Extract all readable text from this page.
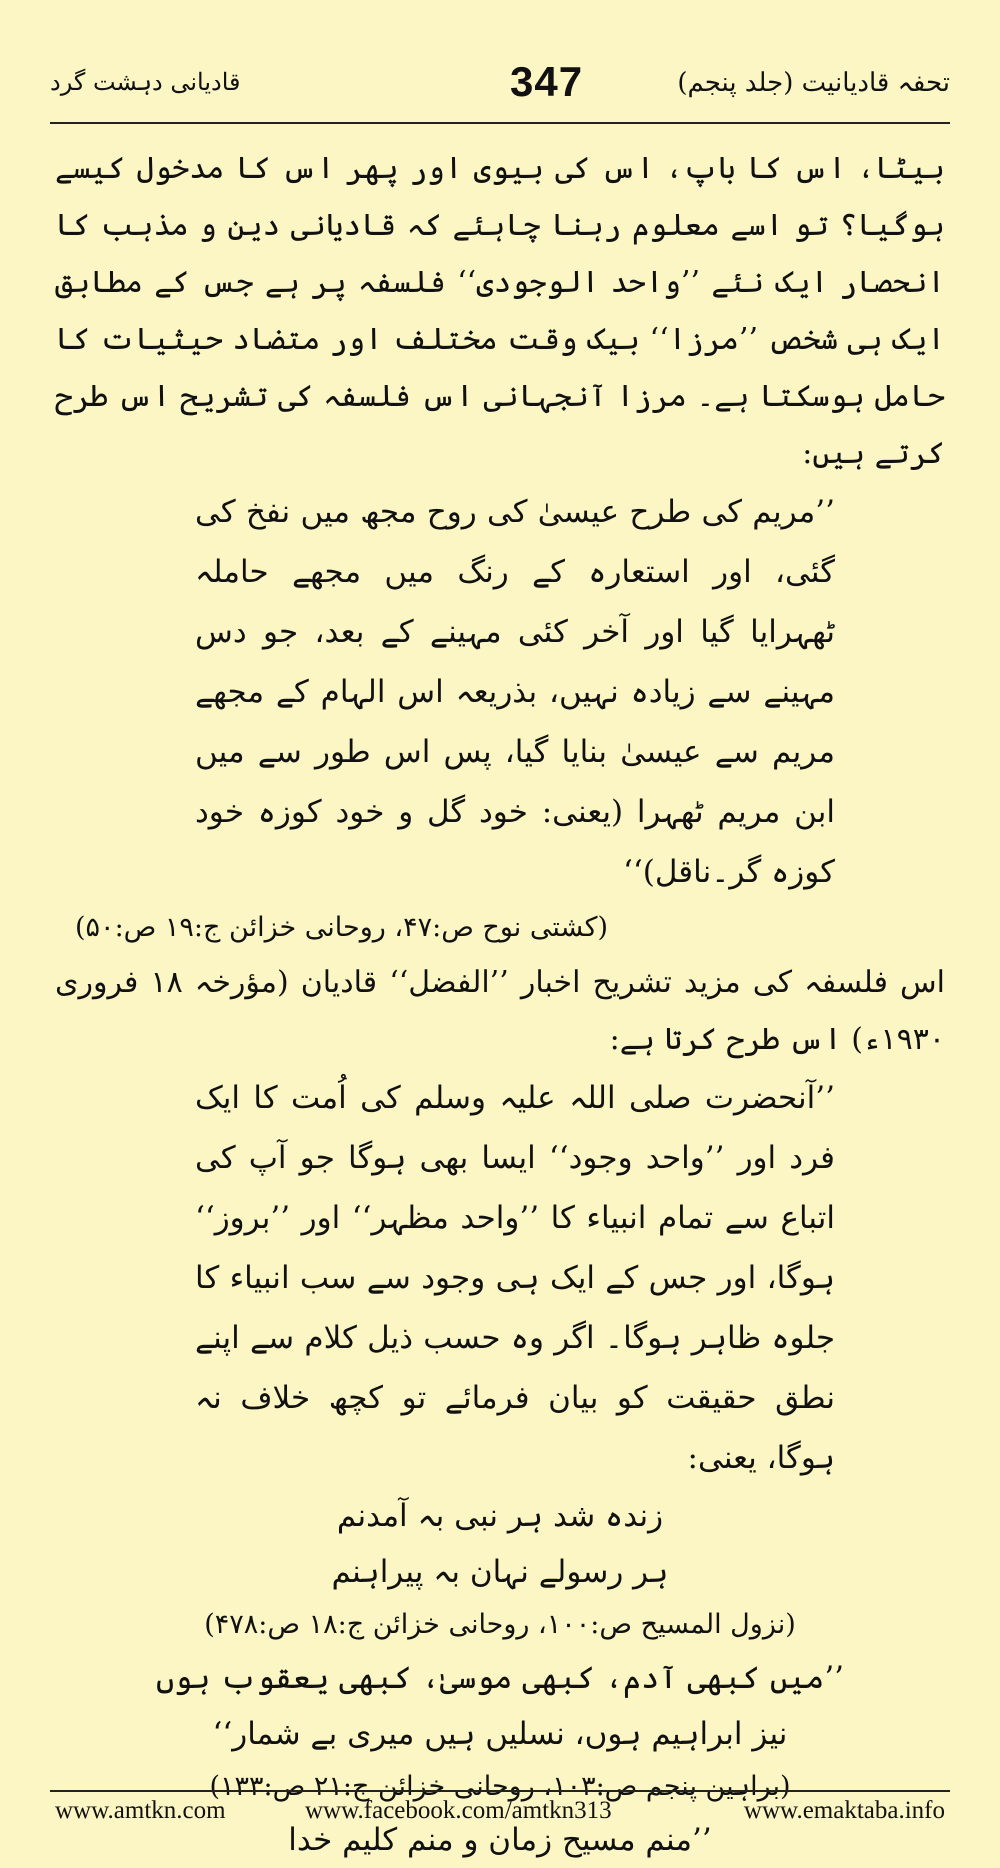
تحفہ قادیانیت (جلد پنجم)
347
قادیانی دہشت گرد

بیٹا، اس کا باپ، اس کی بیوی اور پھر اس کا مدخول کیسے ہوگیا؟ تو اسے معلوم رہنا چاہئے کہ قادیانی دین و مذہب کا انحصار ایک نئے ’’واحد الوجودی‘‘ فلسفہ پر ہے جس کے مطابق ایک ہی شخص ’’مرزا‘‘ بیک وقت مختلف اور متضاد حیثیات کا حامل ہوسکتا ہے۔ مرزا آنجہانی اس فلسفہ کی تشریح اس طرح کرتے ہیں:

’’مریم کی طرح عیسیٰ کی روح مجھ میں نفخ کی گئی، اور استعارہ کے رنگ میں مجھے حاملہ ٹھہرایا گیا اور آخر کئی مہینے کے بعد، جو دس مہینے سے زیادہ نہیں، بذریعہ اس الہام کے مجھے مریم سے عیسیٰ بنایا گیا، پس اس طور سے میں ابن مریم ٹھہرا (یعنی: خود گل و خود کوزہ خود کوزہ گر۔ناقل)‘‘

(کشتی نوح ص:۴۷، روحانی خزائن ج:۱۹ ص:۵۰)

اس فلسفہ کی مزید تشریح اخبار ’’الفضل‘‘ قادیان (مؤرخہ ۱۸ فروری ۱۹۳۰ء) اس طرح کرتا ہے:

’’آنحضرت صلی اللہ علیہ وسلم کی اُمت کا ایک فرد اور ’’واحد وجود‘‘ ایسا بھی ہوگا جو آپ کی اتباع سے تمام انبیاء کا ’’واحد مظہر‘‘ اور ’’بروز‘‘ ہوگا، اور جس کے ایک ہی وجود سے سب انبیاء کا جلوہ ظاہر ہوگا۔ اگر وہ حسب ذیل کلام سے اپنے نطق حقیقت کو بیان فرمائے تو کچھ خلاف نہ ہوگا، یعنی:

زندہ شد ہر نبی بہ آمدنم

ہر رسولے نہان بہ پیراہنم

(نزول المسیح ص:۱۰۰، روحانی خزائن ج:۱۸ ص:۴۷۸)

’’میں کبھی آدم، کبھی موسیٰ، کبھی یعقوب ہوں

نیز ابراہیم ہوں، نسلیں ہیں میری بے شمار‘‘

(براہین پنجم ص:۱۰۳، روحانی خزائن ج:۲۱ ص:۱۳۳)

’’منم مسیح زمان و منم کلیم خدا

www.amtkn.com	www.facebook.com/amtkn313	www.emaktaba.info
